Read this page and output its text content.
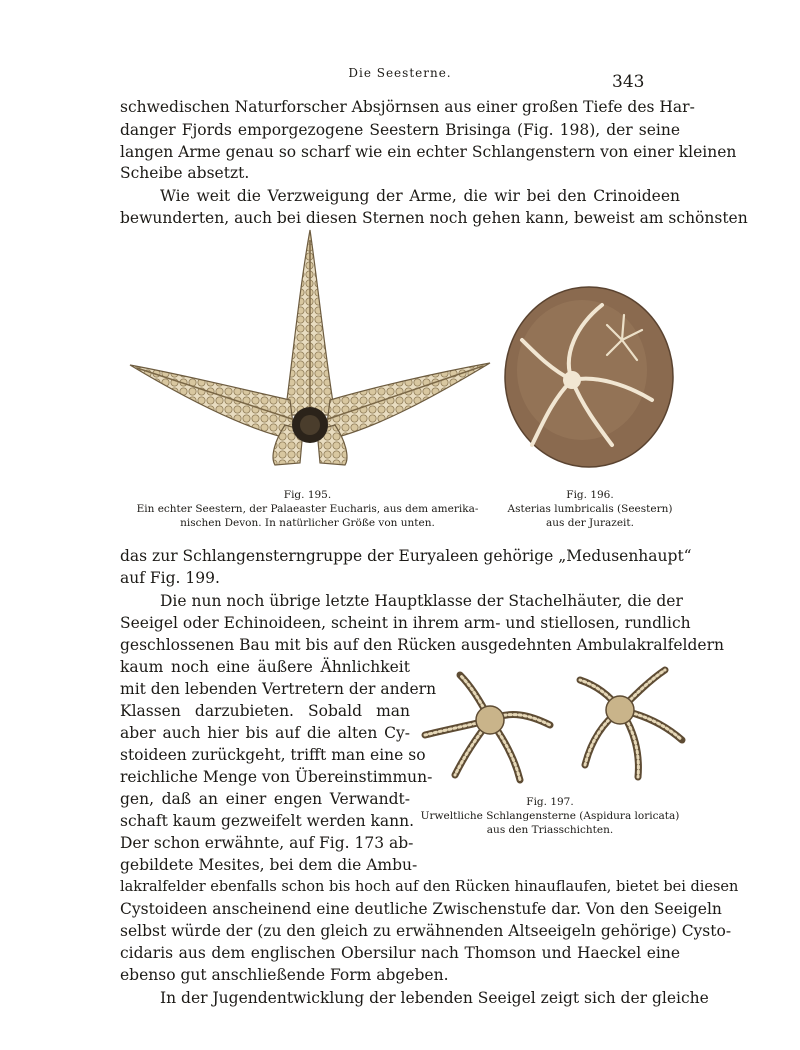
Die Seesterne.	343
schwedischen Naturforscher Absjörnsen aus einer großen Tiefe des Har-
danger Fjords emporgezogene Seestern Brisinga (Fig. 198), der seine
langen Arme genau so scharf wie ein echter Schlangenstern von einer kleinen
Scheibe absetzt.
Wie weit die Verzweigung der Arme, die wir bei den Crinoideen
bewunderten, auch bei diesen Sternen noch gehen kann, beweist am schönsten
Fig. 195.
Ein echter Seestern, der Palaeaster Eucharis, aus dem amerika-
nischen Devon. In natürlicher Größe von unten.
Fig. 196.
Asterias lumbricalis (Seestern)
aus der Jurazeit.
das zur Schlangensterngruppe der Euryaleen gehörige „Medusenhaupt“
auf Fig. 199.
Die nun noch übrige letzte Hauptklasse der Stachelhäuter, die der
Seeigel oder Echinoideen, scheint in ihrem arm- und stiellosen, rundlich
geschlossenen Bau mit bis auf den Rücken ausgedehnten Ambulakralfeldern
kaum noch eine äußere Ähnlichkeit
mit den lebenden Vertretern der andern
Klassen darzubieten. Sobald man
aber auch hier bis auf die alten Cy-
stoideen zurückgeht, trifft man eine so
reichliche Menge von Übereinstimmun-
gen, daß an einer engen Verwandt-
schaft kaum gezweifelt werden kann.
Der schon erwähnte, auf Fig. 173 ab-
gebildete Mesites, bei dem die Ambu-
Fig. 197.
Urweltliche Schlangensterne (Aspidura loricata)
aus den Triasschichten.
lakralfelder ebenfalls schon bis hoch auf den Rücken hinauflaufen, bietet bei diesen
Cystoideen anscheinend eine deutliche Zwischenstufe dar. Von den Seeigeln
selbst würde der (zu den gleich zu erwähnenden Altseeigeln gehörige) Cysto-
cidaris aus dem englischen Obersilur nach Thomson und Haeckel eine
ebenso gut anschließende Form abgeben.
In der Jugendentwicklung der lebenden Seeigel zeigt sich der gleiche
